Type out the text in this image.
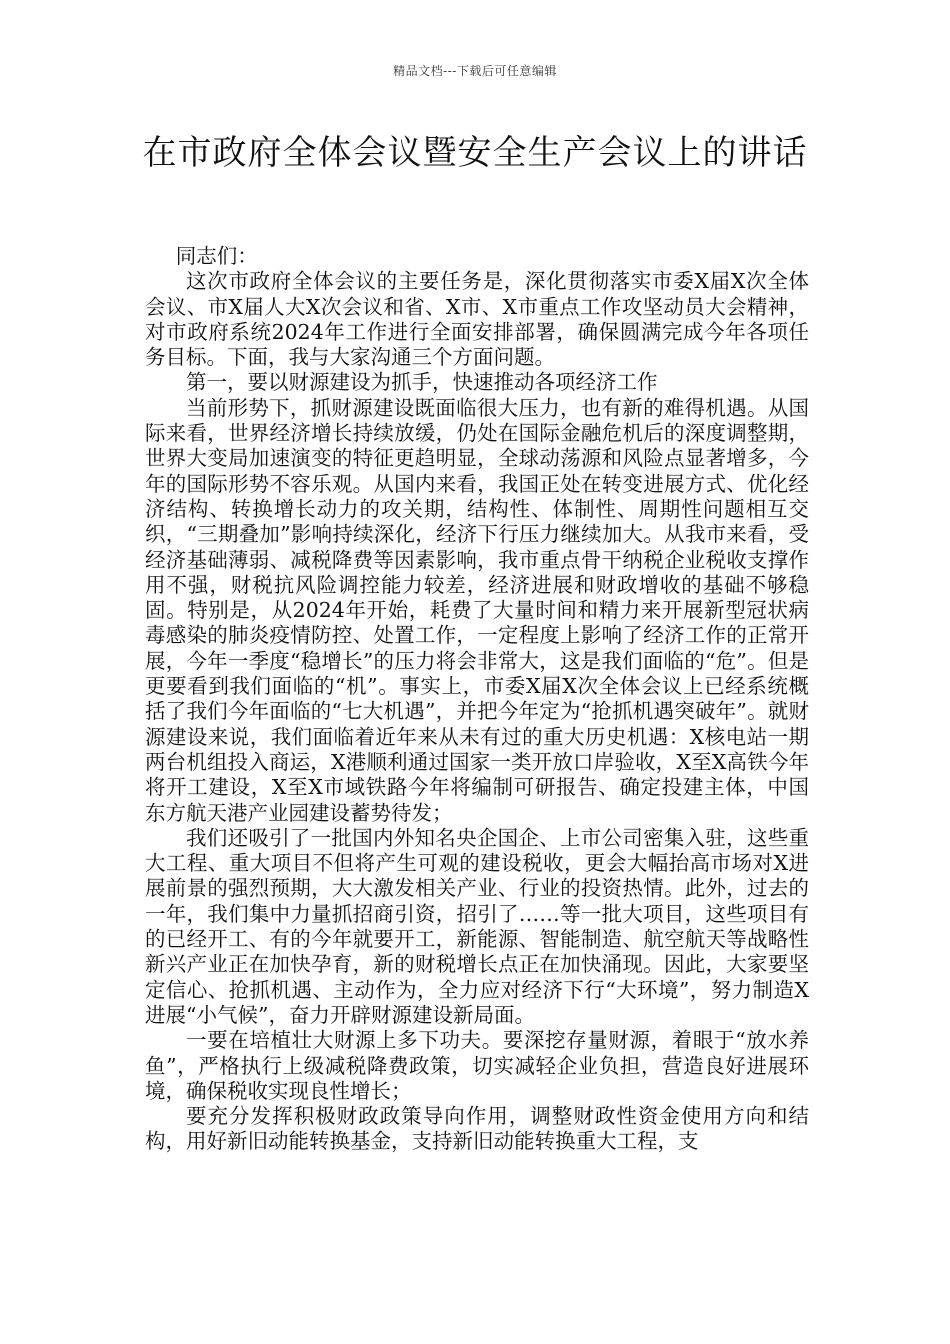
精品文档---下载后可任意编辑
在市政府全体会议暨安全生产会议上的讲话

同志们：

这次市政府全体会议的主要任务是，深化贯彻落实市委X届X次全体会议、市X届人大X次会议和省、X市、X市重点工作攻坚动员大会精神，对市政府系统2024年工作进行全面安排部署，确保圆满完成今年各项任务目标。下面，我与大家沟通三个方面问题。

第一，要以财源建设为抓手，快速推动各项经济工作

当前形势下，抓财源建设既面临很大压力，也有新的难得机遇。从国际来看，世界经济增长持续放缓，仍处在国际金融危机后的深度调整期，世界大变局加速演变的特征更趋明显，全球动荡源和风险点显著增多，今年的国际形势不容乐观。从国内来看，我国正处在转变进展方式、优化经济结构、转换增长动力的攻关期，结构性、体制性、周期性问题相互交织，“三期叠加”影响持续深化，经济下行压力继续加大。从我市来看，受经济基础薄弱、减税降费等因素影响，我市重点骨干纳税企业税收支撑作用不强，财税抗风险调控能力较差，经济进展和财政增收的基础不够稳固。特别是，从2024年开始，耗费了大量时间和精力来开展新型冠状病毒感染的肺炎疫情防控、处置工作，一定程度上影响了经济工作的正常开展，今年一季度“稳增长”的压力将会非常大，这是我们面临的“危”。但是更要看到我们面临的“机”。事实上，市委X届X次全体会议上已经系统概括了我们今年面临的“七大机遇”，并把今年定为“抢抓机遇突破年”。就财源建设来说，我们面临着近年来从未有过的重大历史机遇：X核电站一期两台机组投入商运，X港顺利通过国家一类开放口岸验收，X至X高铁今年将开工建设，X至X市域铁路今年将编制可研报告、确定投建主体，中国东方航天港产业园建设蓄势待发；

我们还吸引了一批国内外知名央企国企、上市公司密集入驻，这些重大工程、重大项目不但将产生可观的建设税收，更会大幅抬高市场对X进展前景的强烈预期，大大激发相关产业、行业的投资热情。此外，过去的一年，我们集中力量抓招商引资，招引了……等一批大项目，这些项目有的已经开工、有的今年就要开工，新能源、智能制造、航空航天等战略性新兴产业正在加快孕育，新的财税增长点正在加快涌现。因此，大家要坚定信心、抢抓机遇、主动作为，全力应对经济下行“大环境”，努力制造X进展“小气候”，奋力开辟财源建设新局面。

一要在培植壮大财源上多下功夫。要深挖存量财源，着眼于“放水养鱼”，严格执行上级减税降费政策，切实减轻企业负担，营造良好进展环境，确保税收实现良性增长；

要充分发挥积极财政政策导向作用，调整财政性资金使用方向和结构，用好新旧动能转换基金，支持新旧动能转换重大工程，支
